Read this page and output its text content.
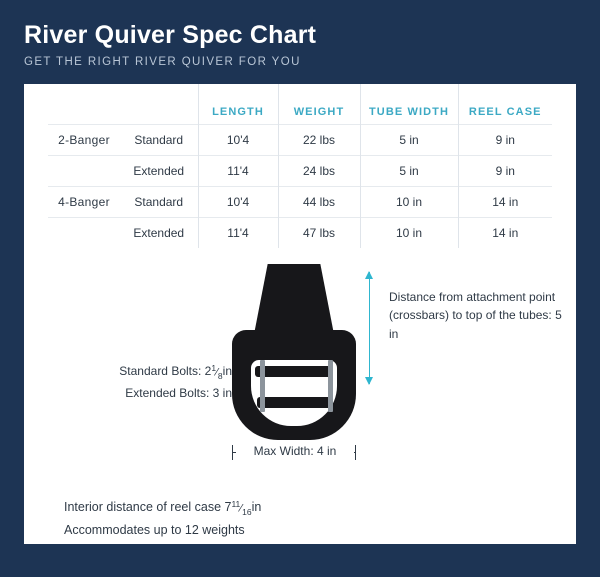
River Quiver Spec Chart
GET THE RIGHT RIVER QUIVER FOR YOU
		LENGTH	WEIGHT	TUBE WIDTH	REEL CASE
2-Banger	Standard	10'4	22 lbs	5 in	9 in
	Extended	11'4	24 lbs	5 in	9 in
4-Banger	Standard	10'4	44 lbs	10 in	14 in
	Extended	11'4	47 lbs	10 in	14 in
Distance from attachment point (crossbars) to top of the tubes: 5 in
Standard Bolts: $2^1⁄_8in$
Extended Bolts: 3 in
Max Width: 4 in
Interior distance of reel case $7^{11}⁄_{16}in$
Accommodates up to 12 weights
